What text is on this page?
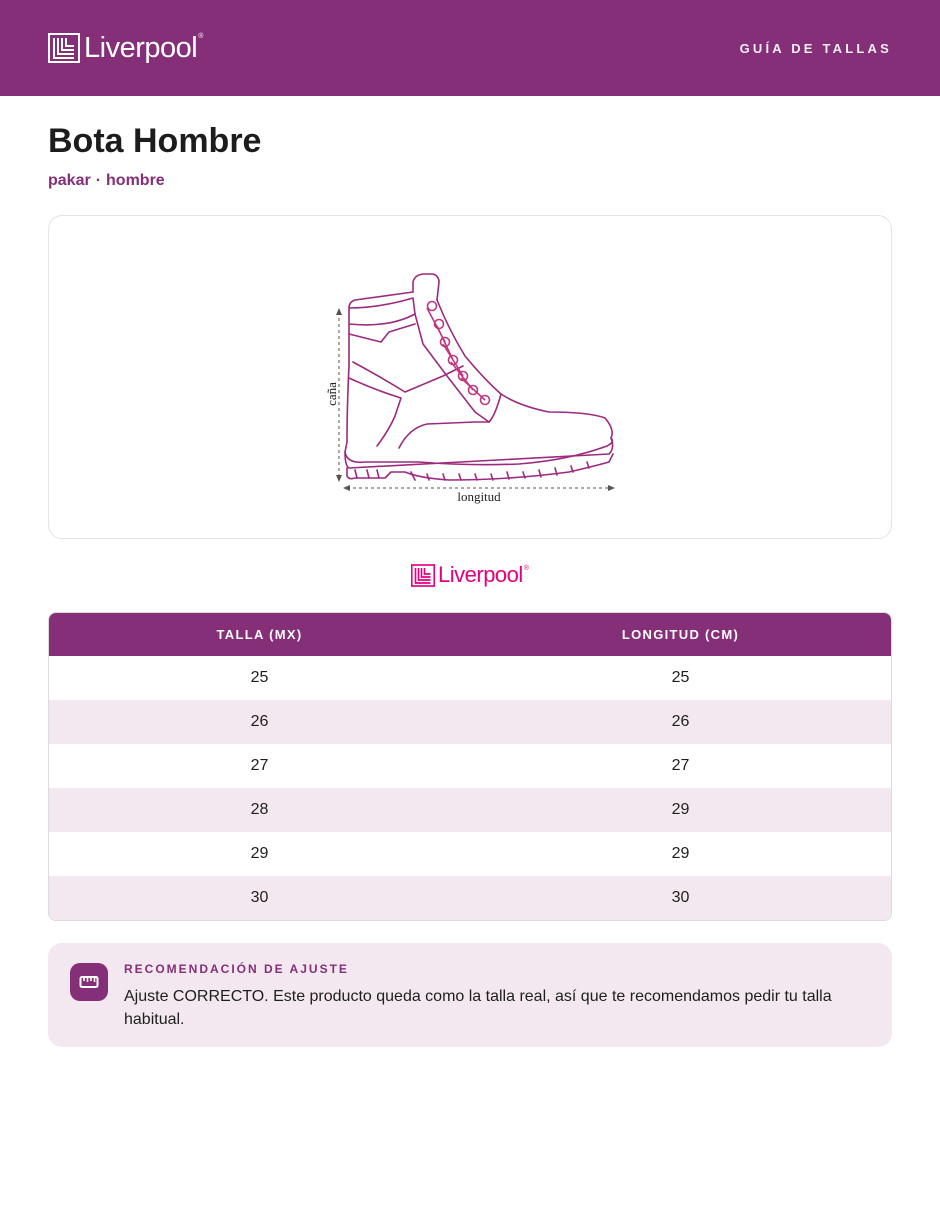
Liverpool ®
GUÍA DE TALLAS
Bota Hombre
pakar · hombre
caña
longitud
Liverpool ®
TALLA (MX)	LONGITUD (CM)
25	25
26	26
27	27
28	29
29	29
30	30
RECOMENDACIÓN DE AJUSTE
Ajuste CORRECTO. Este producto queda como la talla real, así que te recomendamos pedir tu talla habitual.
